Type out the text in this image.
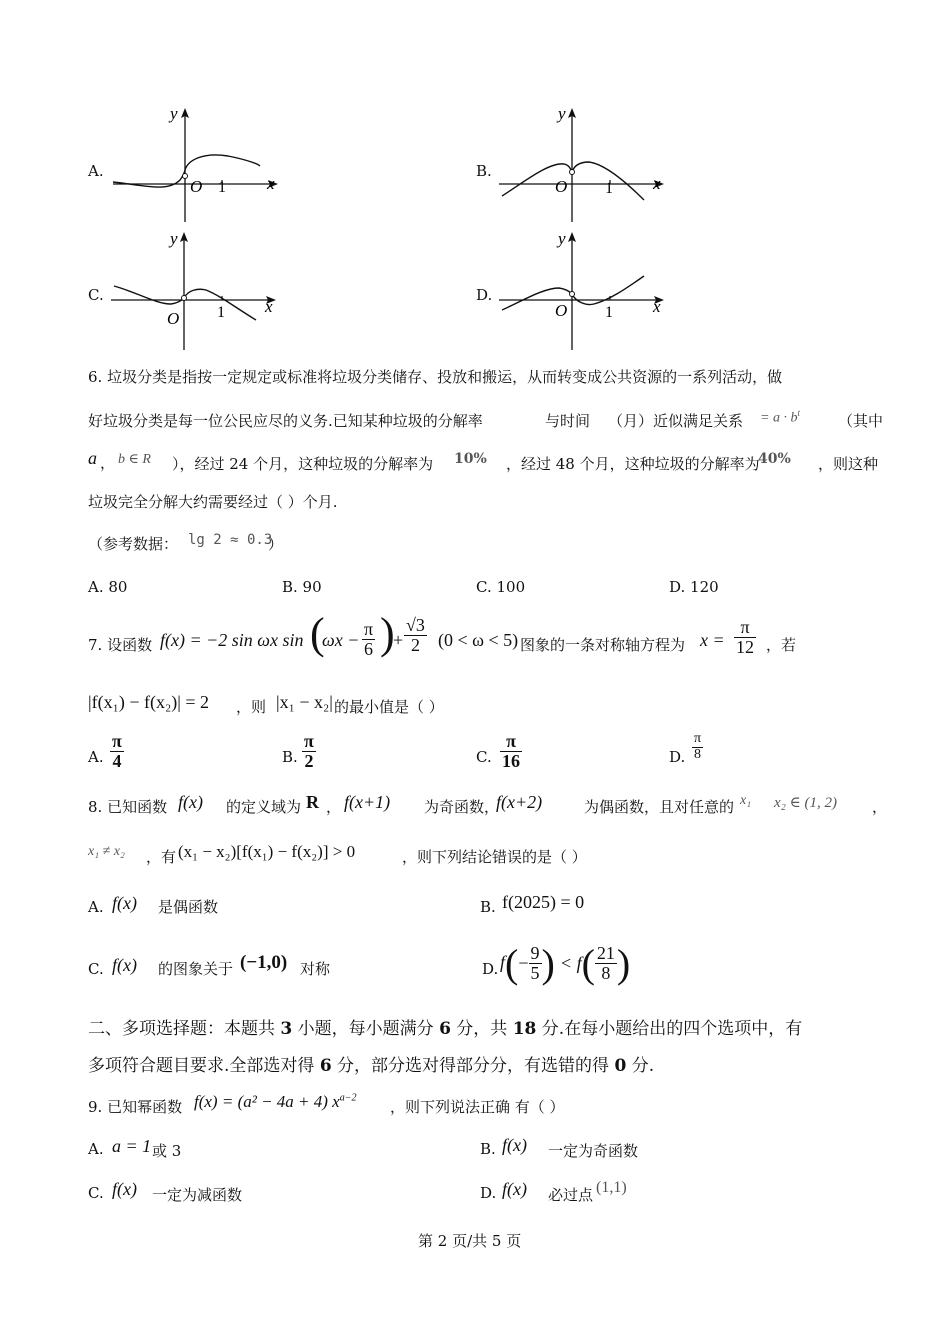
A.
y
x
O 1
B.
y
x
O 1
C.
y
x
O 1
D.
y
x
O 1
6. 垃圾分类是指按一定规定或标准将垃圾分类储存、投放和搬运，从而转变成公共资源的一系列活动，做
好垃圾分类是每一位公民应尽的义务.已知某种垃圾的分解率	与时间 （月）近似满足关系 = $a \cdot b^t$	（其中
a ， b ∈ R ），经过 24 个月，这种垃圾的分解率为 10% ，经过 48 个月，这种垃圾的分解率为
40% ，则这种
垃圾完全分解大约需要经过（ ）个月.
（参考数据： lg 2 ≈ 0.3
）
A. 80	B. 90	C. 100	D. 120
7. 设函数 f(x) = −2 sin ωx sin (
$\omega x - \frac{\pi}{6}$ )
+ $\frac{√3}{2} (0 < \omega < 5)$ 图象的一条对称轴方程为 $x = \frac{\pi}{12}$ ，若
|f(x₁) − f(x₂)| = 2 ，则 |x₁ − x₂| 的最小值是（ ）
A. $\frac{\pi}{4}$	B. $\frac{\pi}{2}$	C. $\frac{\pi}{16}$	D. $\frac{\pi}{8}$
8. 已知函数 f(x) 的定义域为 R ， f(x+1) 为奇函数，
f(x+2)	为偶函数，且对任意的 x₁ x₂ ∈ (1, 2) ，
x₁ ≠ x₂ ，有 (x₁ − x₂)[f(x₁) − f(x₂)] > 0	，则下列结论错误的是（ ）
A. f(x) 是偶函数	B. f(2025) = 0
C. f(x) 的图象关于 (−1,0) 对称	D. $f(- \frac{9}{5}$ ) < $f( \frac{21}{8}$ )
二、多项选择题：本题共 3 小题，每小题满分 6 分，共 18 分.在每小题给出的四个选项中，有
多项符合题目要求.全部选对得 6 分，部分选对得部分分，有选错的得 0 分.
9. 已知幂函数 f(x) = (a² − 4a + 4) $x^{a-2}$
，则下列说法正确 有（ ）
A. a = 1 或 3	B. f(x) 一定为奇函数
C. f(x) 一定为减函数	D. f(x) 必过点 (1,1)
第 2 页/共 5 页
